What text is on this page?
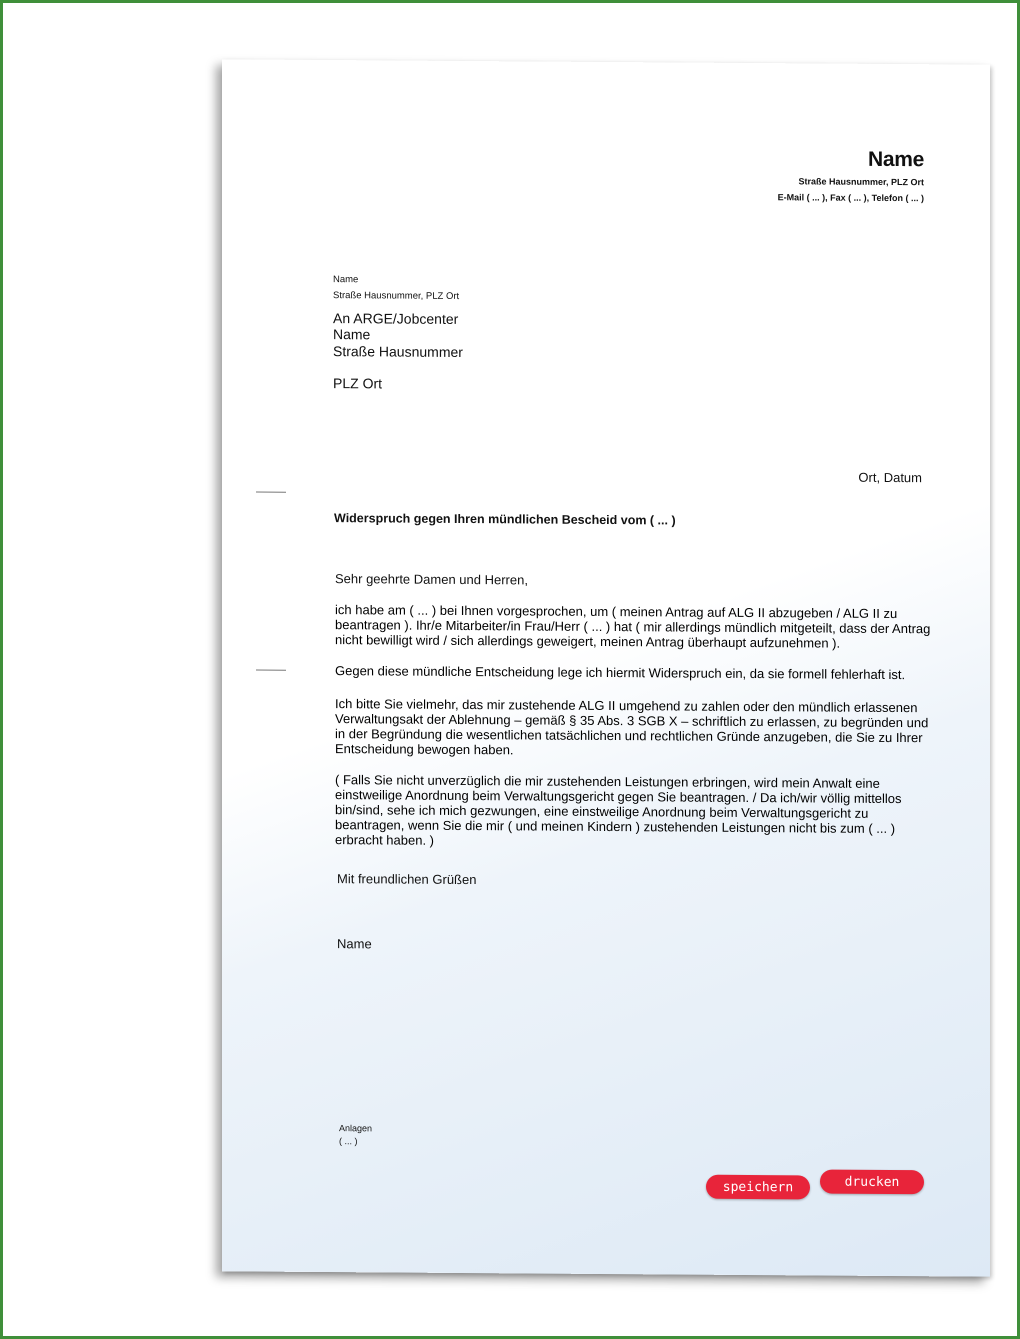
Name
Straße Hausnummer, PLZ Ort
E-Mail ( ... ), Fax ( ... ), Telefon ( ... )
Name
Straße Hausnummer, PLZ Ort
An ARGE/Jobcenter
Name
Straße Hausnummer
PLZ Ort
Ort, Datum
Widerspruch gegen Ihren mündlichen Bescheid vom ( ... )
Sehr geehrte Damen und Herren,
ich habe am ( ... ) bei Ihnen vorgesprochen, um ( meinen Antrag auf ALG II abzugeben / ALG II zu
beantragen ). Ihr/e Mitarbeiter/in Frau/Herr ( ... ) hat ( mir allerdings mündlich mitgeteilt, dass der Antrag
nicht bewilligt wird / sich allerdings geweigert, meinen Antrag überhaupt aufzunehmen ).
Gegen diese mündliche Entscheidung lege ich hiermit Widerspruch ein, da sie formell fehlerhaft ist.
Ich bitte Sie vielmehr, das mir zustehende ALG II umgehend zu zahlen oder den mündlich erlassenen
Verwaltungsakt der Ablehnung – gemäß § 35 Abs. 3 SGB X – schriftlich zu erlassen, zu begründen und
in der Begründung die wesentlichen tatsächlichen und rechtlichen Gründe anzugeben, die Sie zu Ihrer
Entscheidung bewogen haben.
( Falls Sie nicht unverzüglich die mir zustehenden Leistungen erbringen, wird mein Anwalt eine
einstweilige Anordnung beim Verwaltungsgericht gegen Sie beantragen. / Da ich/wir völlig mittellos
bin/sind, sehe ich mich gezwungen, eine einstweilige Anordnung beim Verwaltungsgericht zu
beantragen, wenn Sie die mir ( und meinen Kindern ) zustehenden Leistungen nicht bis zum ( ... )
erbracht haben. )
Mit freundlichen Grüßen
Name
Anlagen
( ... )
speichern	drucken
